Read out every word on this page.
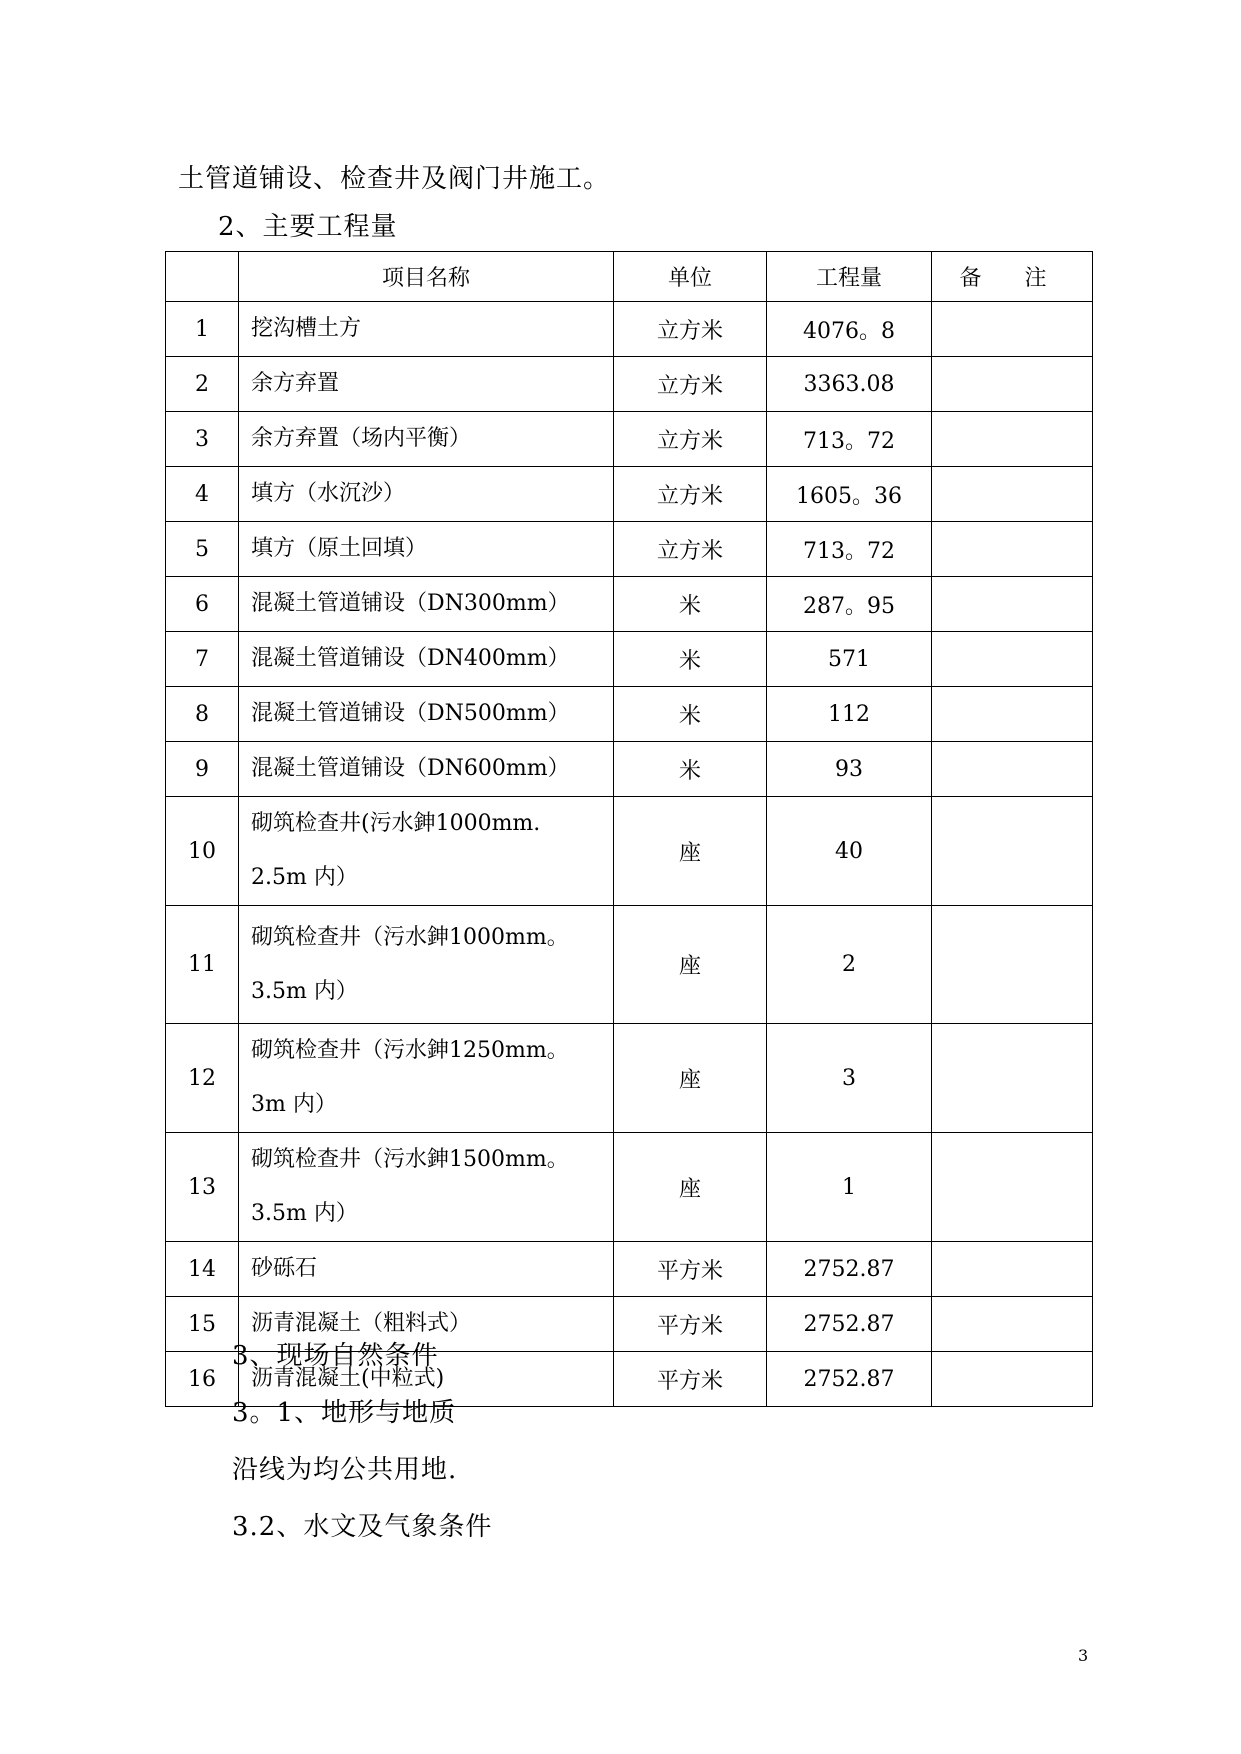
土管道铺设、检查井及阀门井施工。
2、主要工程量
	项目名称	单位	工程量	备 注
1	挖沟槽土方	立方米	4076。8	
2	余方弃置	立方米	3363.08	
3	余方弃置（场内平衡）	立方米	713。72	
4	填方（水沉沙）	立方米	1605。36	
5	填方（原土回填）	立方米	713。72	
6	混凝土管道铺设（DN300mm）	米	287。95	
7	混凝土管道铺设（DN400mm）	米	571	
8	混凝土管道铺设（DN500mm）	米	112	
9	混凝土管道铺设（DN600mm）	米	93	
10	砌筑检查井(污水鉮1000mm.
2.5m 内）	座	40	
11	砌筑检查井（污水鉮1000mm。
3.5m 内）	座	2	
12	砌筑检查井（污水鉮1250mm。
3m 内）	座	3	
13	砌筑检查井（污水鉮1500mm。
3.5m 内）	座	1	
14	砂砾石	平方米	2752.87	
15	沥青混凝土（粗料式）	平方米	2752.87	
16	沥青混凝土(中粒式)	平方米	2752.87	
3、现场自然条件
3。1、地形与地质
沿线为均公共用地.
3.2、水文及气象条件
3
